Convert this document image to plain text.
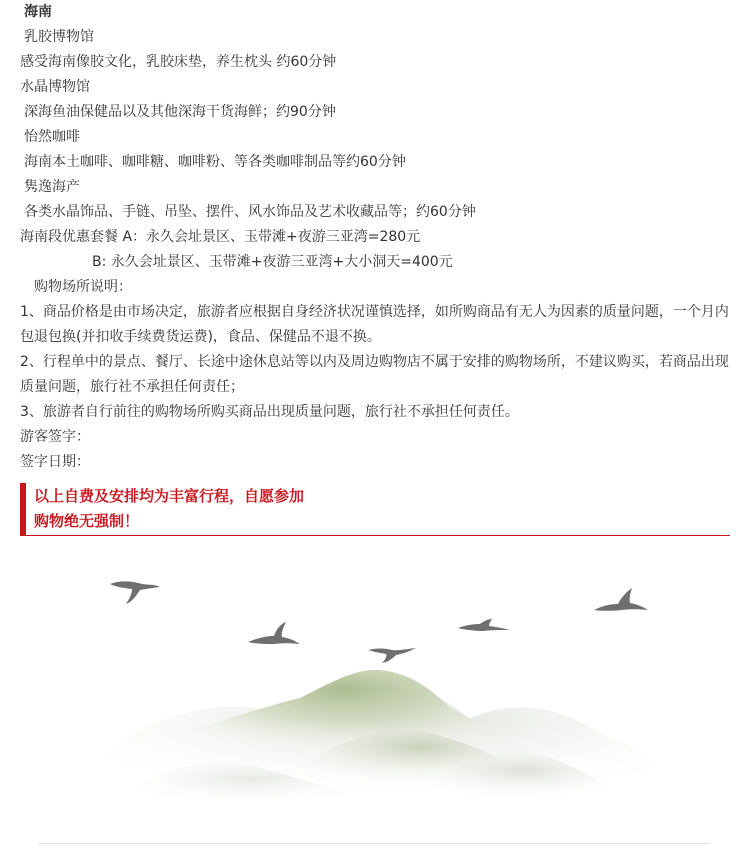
海南
乳胶博物馆
感受海南像胶文化，乳胶床垫，养生枕头 约60分钟
水晶博物馆
深海鱼油保健品以及其他深海干货海鲜；约90分钟
怡然咖啡
海南本土咖啡、咖啡糖、咖啡粉、等各类咖啡制品等约60分钟
隽逸海产
各类水晶饰品、手链、吊坠、摆件、风水饰品及艺术收藏品等；约60分钟
海南段优惠套餐 A：永久会址景区、玉带滩+夜游三亚湾=280元
B: 永久会址景区、玉带滩+夜游三亚湾+大小洞天=400元
购物场所说明：
1、商品价格是由市场决定，旅游者应根据自身经济状况谨慎选择，如所购商品有无人为因素的质量问题，一个月内包退包换(并扣收手续费货运费)，食品、保健品不退不换。
2、行程单中的景点、餐厅、长途中途休息站等以内及周边购物店不属于安排的购物场所，不建议购买，若商品出现质量问题，旅行社不承担任何责任；
3、旅游者自行前往的购物场所购买商品出现质量问题，旅行社不承担任何责任。
游客签字：
签字日期：
以上自费及安排均为丰富行程，自愿参加
购物绝无强制！
